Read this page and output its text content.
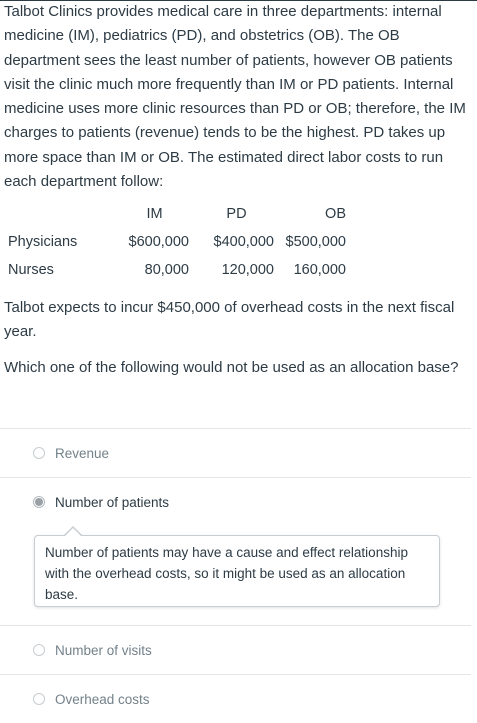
Talbot Clinics provides medical care in three departments: internal medicine (IM), pediatrics (PD), and obstetrics (OB). The OB department sees the least number of patients, however OB patients visit the clinic much more frequently than IM or PD patients. Internal medicine uses more clinic resources than PD or OB; therefore, the IM charges to patients (revenue) tends to be the highest. PD takes up more space than IM or OB. The estimated direct labor costs to run each department follow:

	IM	PD	OB
Physicians	$600,000	$400,000	$500,000
Nurses	80,000	120,000	160,000

Talbot expects to incur $450,000 of overhead costs in the next fiscal year.

Which one of the following would not be used as an allocation base?

Revenue
Number of patients
Number of patients may have a cause and effect relationship with the overhead costs, so it might be used as an allocation base.
Number of visits
Overhead costs
